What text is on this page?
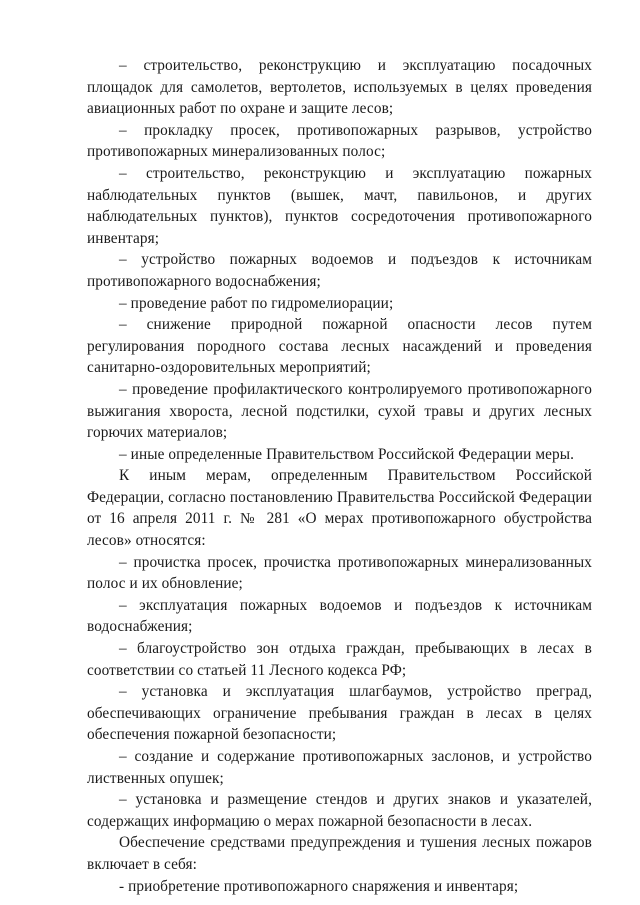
– строительство, реконструкцию и эксплуатацию посадочных площадок для самолетов, вертолетов, используемых в целях проведения авиационных работ по охране и защите лесов;

– прокладку просек, противопожарных разрывов, устройство противопожарных минерализованных полос;

– строительство, реконструкцию и эксплуатацию пожарных наблюдательных пунктов (вышек, мачт, павильонов, и других наблюдательных пунктов), пунктов сосредоточения противопожарного инвентаря;

– устройство пожарных водоемов и подъездов к источникам противопожарного водоснабжения;

– проведение работ по гидромелиорации;

– снижение природной пожарной опасности лесов путем регулирования породного состава лесных насаждений и проведения санитарно-оздоровительных мероприятий;

– проведение профилактического контролируемого противопожарного выжигания хвороста, лесной подстилки, сухой травы и других лесных горючих материалов;

– иные определенные Правительством Российской Федерации меры.

К иным мерам, определенным Правительством Российской Федерации, согласно постановлению Правительства Российской Федерации от 16 апреля 2011 г. № 281 «О мерах противопожарного обустройства лесов» относятся:

– прочистка просек, прочистка противопожарных минерализованных полос и их обновление;

– эксплуатация пожарных водоемов и подъездов к источникам водоснабжения;

– благоустройство зон отдыха граждан, пребывающих в лесах в соответствии со статьей 11 Лесного кодекса РФ;

– установка и эксплуатация шлагбаумов, устройство преград, обеспечивающих ограничение пребывания граждан в лесах в целях обеспечения пожарной безопасности;

– создание и содержание противопожарных заслонов, и устройство лиственных опушек;

– установка и размещение стендов и других знаков и указателей, содержащих информацию о мерах пожарной безопасности в лесах.

Обеспечение средствами предупреждения и тушения лесных пожаров включает в себя:

- приобретение противопожарного снаряжения и инвентаря;
